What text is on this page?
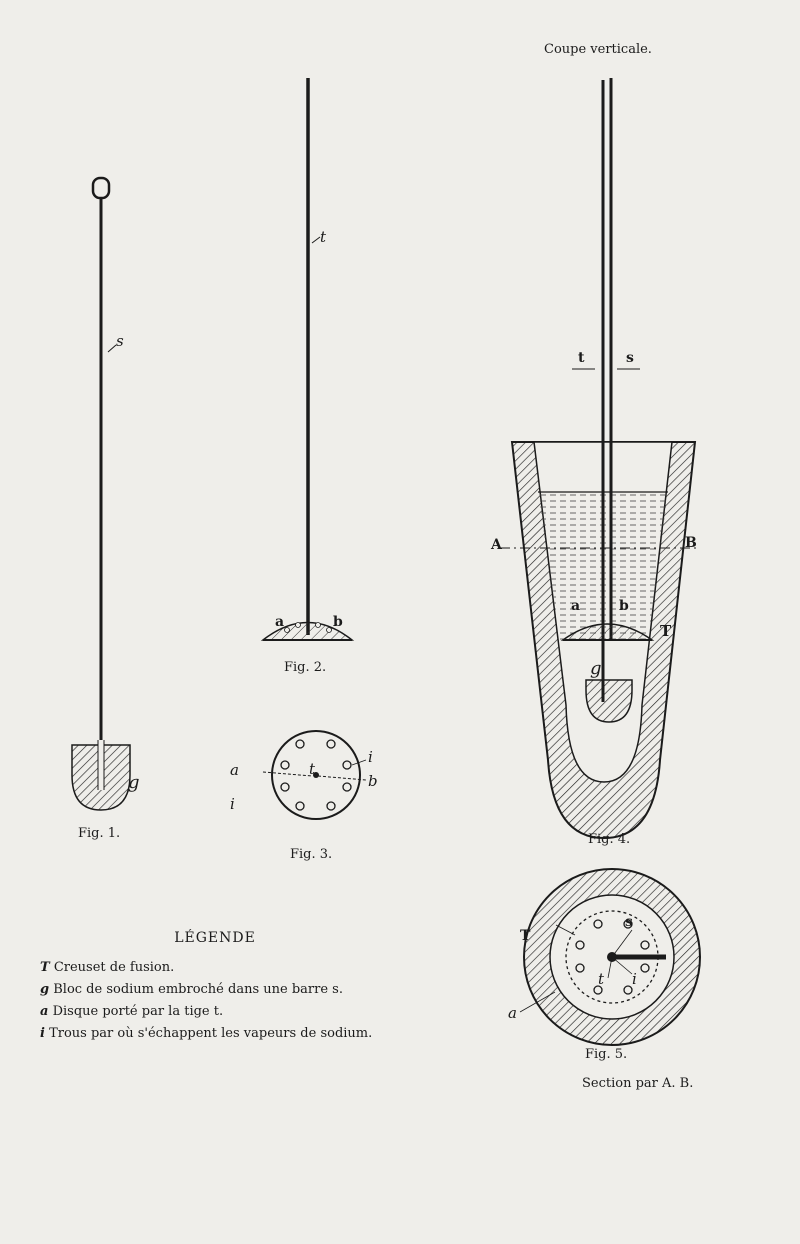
Coupe verticale.
s
g
Fig. 1.
t
a	b
Fig. 2.
a
i
t
i
b
Fig. 3.
t	s
A	B
a	b
T
g
Fig. 4.
T
s
t i
a
Fig. 5.
Section par A. B.
LÉGENDE
T Creuset de fusion.
g Bloc de sodium embroché dans une barre s.
a Disque porté par la tige t.
i Trous par où s'échappent les vapeurs de sodium.
